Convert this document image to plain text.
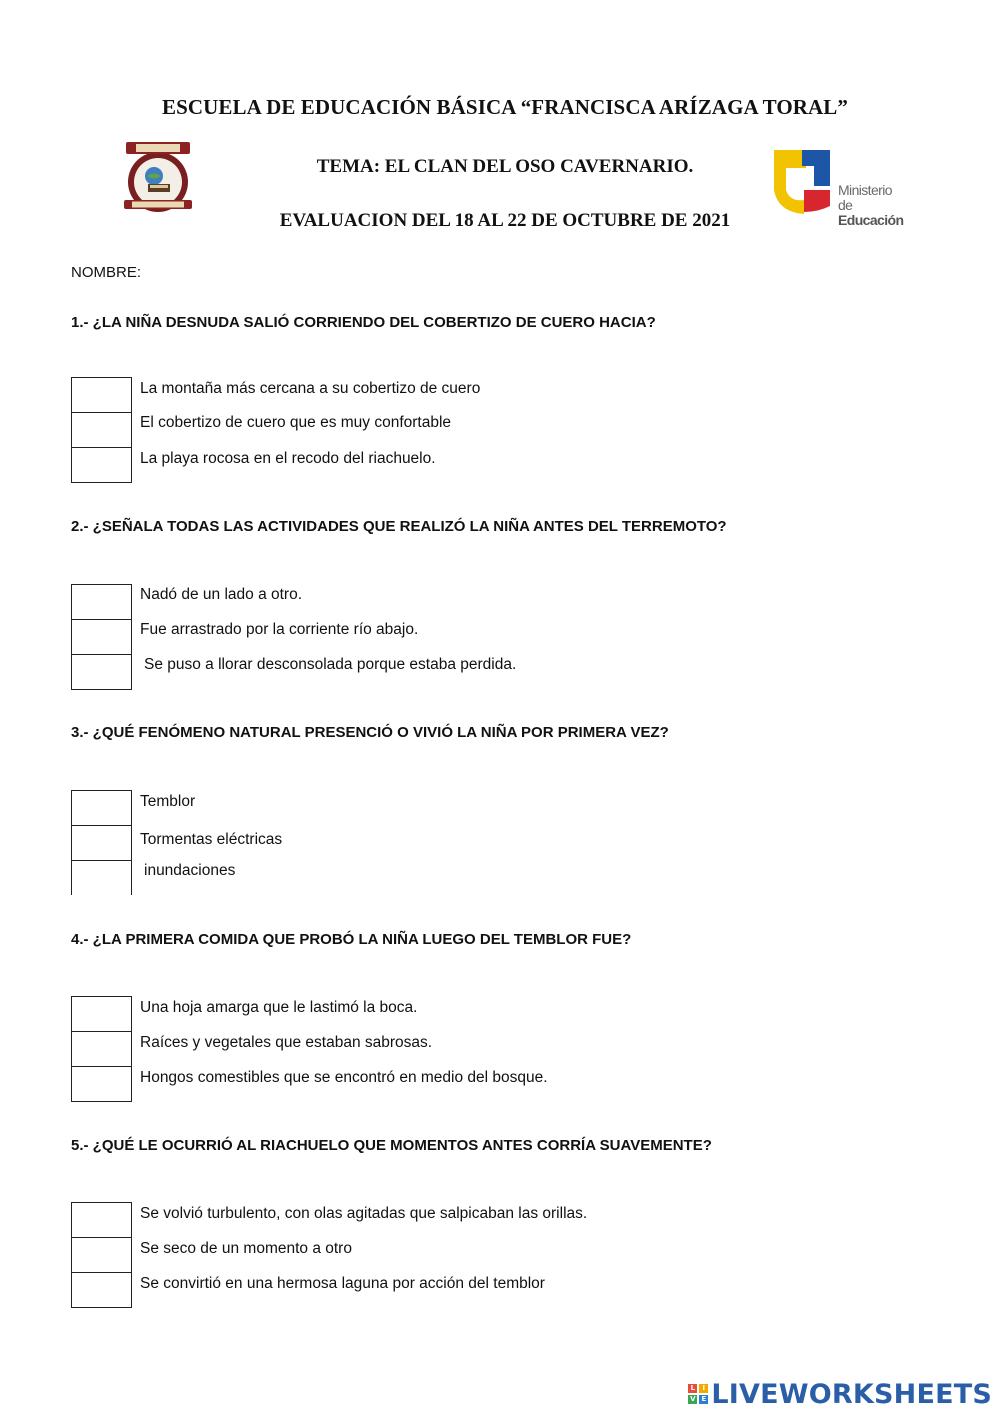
ESCUELA DE EDUCACIÓN BÁSICA “FRANCISCA ARÍZAGA TORAL”
TEMA: EL CLAN DEL OSO CAVERNARIO.
EVALUACION DEL 18 AL 22 DE OCTUBRE DE 2021
Ministerio
de Educación
NOMBRE:
1.- ¿LA NIÑA DESNUDA SALIÓ CORRIENDO DEL COBERTIZO DE CUERO HACIA?
La montaña más cercana a su cobertizo de cuero
El cobertizo de cuero que es muy confortable
La playa rocosa en el recodo del riachuelo.
2.- ¿SEÑALA TODAS LAS ACTIVIDADES QUE REALIZÓ LA NIÑA ANTES DEL TERREMOTO?
Nadó de un lado a otro.
Fue arrastrado por la corriente río abajo.
Se puso a llorar desconsolada porque estaba perdida.
3.- ¿QUÉ FENÓMENO NATURAL PRESENCIÓ O VIVIÓ LA NIÑA POR PRIMERA VEZ?
Temblor
Tormentas eléctricas
inundaciones
4.- ¿LA PRIMERA COMIDA QUE PROBÓ LA NIÑA LUEGO DEL TEMBLOR FUE?
Una hoja amarga que le lastimó la boca.
Raíces y vegetales que estaban sabrosas.
Hongos comestibles que se encontró en medio del bosque.
5.- ¿QUÉ LE OCURRIÓ AL RIACHUELO QUE MOMENTOS ANTES CORRÍA SUAVEMENTE?
Se volvió turbulento, con olas agitadas que salpicaban las orillas.
Se seco de un momento a otro
Se convirtió en una hermosa laguna por acción del temblor
L	I
V E LIVEWORKSHEETS
